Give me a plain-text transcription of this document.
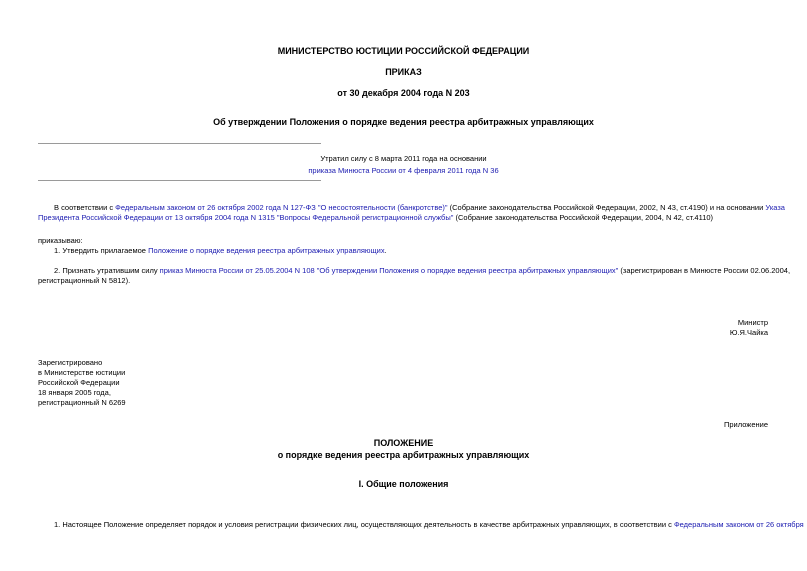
МИНИСТЕРСТВО ЮСТИЦИИ РОССИЙСКОЙ ФЕДЕРАЦИИ
ПРИКАЗ
от 30 декабря 2004 года N 203
Об утверждении Положения о порядке ведения реестра арбитражных управляющих
Утратил силу с 8 марта 2011 года на основании
приказа Минюста России от 4 февраля 2011 года N 36
В соответствии с Федеральным законом от 26 октября 2002 года N 127-ФЗ "О несостоятельности (банкротстве)" (Собрание законодательства Российской Федерации, 2002, N 43, ст.4190) и на основании Указа
Президента Российской Федерации от 13 октября 2004 года N 1315 "Вопросы Федеральной регистрационной службы" (Собрание законодательства Российской Федерации, 2004, N 42, ст.4110)
приказываю:
1. Утвердить прилагаемое Положение о порядке ведения реестра арбитражных управляющих.
2. Признать утратившим силу приказ Минюста России от 25.05.2004 N 108 "Об утверждении Положения о порядке ведения реестра арбитражных управляющих" (зарегистрирован в Минюсте России 02.06.2004,
регистрационный N 5812).
Министр
Ю.Я.Чайка
Зарегистрировано
в Министерстве юстиции
Российской Федерации
18 января 2005 года,
регистрационный N 6269
Приложение
ПОЛОЖЕНИЕ
о порядке ведения реестра арбитражных управляющих
I. Общие положения
1. Настоящее Положение определяет порядок и условия регистрации физических лиц, осуществляющих деятельность в качестве арбитражных управляющих, в соответствии с Федеральным законом от 26 октября
